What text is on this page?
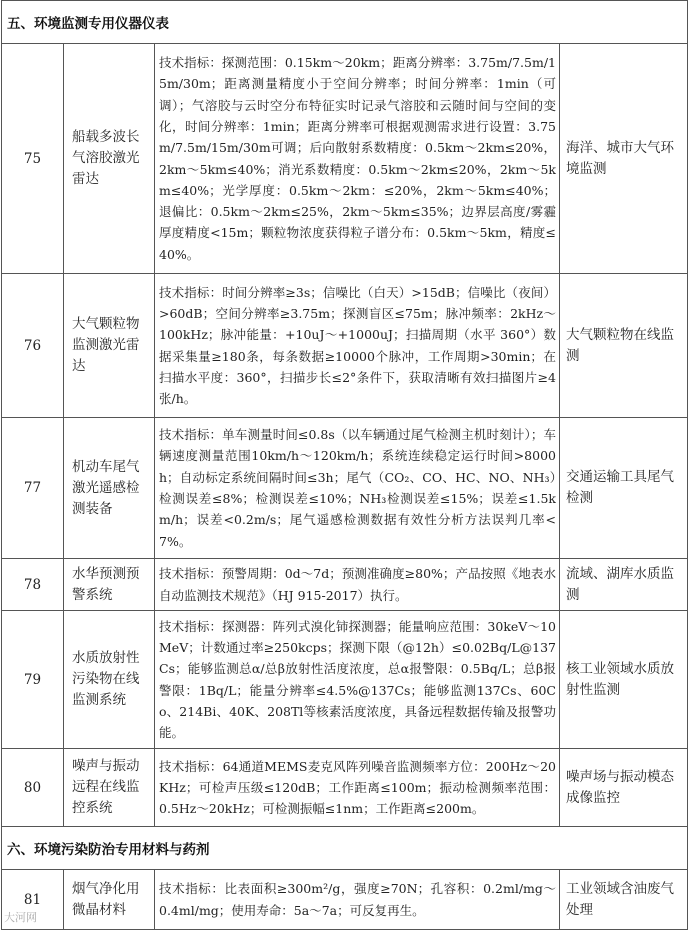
五、环境监测专用仪器仪表			
75	船载多波长气溶胶激光雷达	技术指标：探测范围：0.15km～20km；距离分辨率：3.75m/7.5m/15m/30m；距离测量精度小于空间分辨率；时间分辨率：1min（可调）；气溶胶与云时空分布特征实时记录气溶胶和云随时间与空间的变化，时间分辨率：1min；距离分辨率可根据观测需求进行设置：3.75m/7.5m/15m/30m可调；后向散射系数精度：0.5km～2km≤20%，2km～5km≤40%；消光系数精度：0.5km～2km≤20%，2km～5km≤40%；光学厚度：0.5km～2km：≤20%，2km～5km≤40%；退偏比：0.5km～2km≤25%，2km～5km≤35%；边界层高度/雾霾厚度精度<15m；颗粒物浓度获得粒子谱分布：0.5km～5km，精度≤40%。	海洋、城市大气环境监测
76	大气颗粒物监测激光雷达	技术指标：时间分辨率≥3s；信噪比（白天）>15dB；信噪比（夜间）>60dB；空间分辨率≥3.75m；探测盲区≤75m；脉冲频率：2kHz～100kHz；脉冲能量：+10uJ～+1000uJ；扫描周期（水平 360°）数据采集量≥180条，每条数据≥10000个脉冲，工作周期>30min；在扫描水平度：360°，扫描步长≤2°条件下，获取清晰有效扫描图片≥4张/h。	大气颗粒物在线监测
77	机动车尾气激光遥感检测装备	技术指标：单车测量时间≤0.8s（以车辆通过尾气检测主机时刻计）；车辆速度测量范围10km/h～120km/h；系统连续稳定运行时间>8000h；自动标定系统间隔时间≤3h；尾气（CO₂、CO、HC、NO、NH₃）检测误差≤8%；检测误差≤10%；NH₃检测误差≤15%；误差≤1.5km/h；误差<0.2m/s；尾气遥感检测数据有效性分析方法误判几率<7%。	交通运输工具尾气检测
78	水华预测预警系统	技术指标：预警周期：0d～7d；预测准确度≥80%；产品按照《地表水自动监测技术规范》（HJ 915-2017）执行。	流域、湖库水质监测
79	水质放射性污染物在线监测系统	技术指标：探测器：阵列式溴化铈探测器；能量响应范围：30keV～10MeV；计数通过率≥250kcps；探测下限（@12h）≤0.02Bq/L@137Cs；能够监测总α/总β放射性活度浓度，总α报警限：0.5Bq/L；总β报警限：1Bq/L；能量分辨率≤4.5%@137Cs；能够监测137Cs、60Co、214Bi、40K、208Tl等核素活度浓度，具备远程数据传输及报警功能。	核工业领域水质放射性监测
80	噪声与振动远程在线监控系统	技术指标：64通道MEMS麦克风阵列噪音监测频率方位：200Hz～20KHz；可检声压级≤120dB；工作距离≤100m；振动检测频率范围：0.5Hz～20kHz；可检测振幅≤1nm；工作距离≤200m。	噪声场与振动模态成像监控
六、环境污染防治专用材料与药剂			
81	烟气净化用微晶材料	技术指标：比表面积≥300m²/g，强度≥70N；孔容积：0.2ml/mg～0.4ml/mg；使用寿命：5a～7a；可反复再生。	工业领域含油废气处理
大河网
